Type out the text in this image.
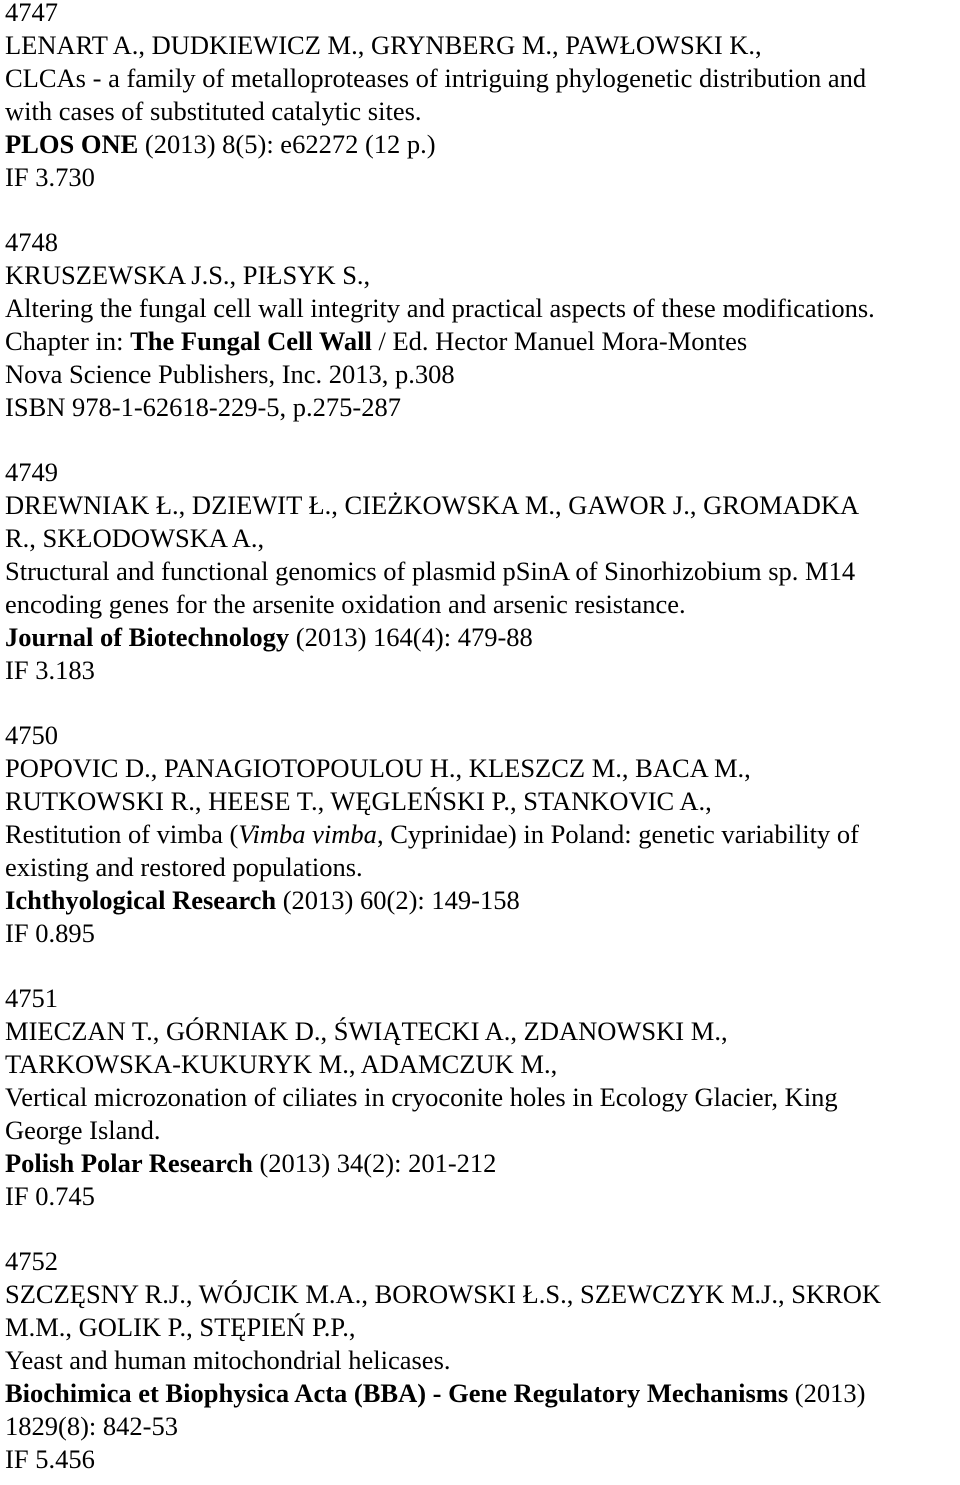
4747
LENART A., DUDKIEWICZ M., GRYNBERG M., PAWŁOWSKI K.,
CLCAs - a family of metalloproteases of intriguing phylogenetic distribution and
with cases of substituted catalytic sites.
PLOS ONE (2013) 8(5): e62272 (12 p.)
IF 3.730
4748
KRUSZEWSKA J.S., PIŁSYK S.,
Altering the fungal cell wall integrity and practical aspects of these modifications.
Chapter in: The Fungal Cell Wall / Ed. Hector Manuel Mora-Montes
Nova Science Publishers, Inc. 2013, p.308
ISBN 978-1-62618-229-5, p.275-287
4749
DREWNIAK Ł., DZIEWIT Ł., CIEŻKOWSKA M., GAWOR J., GROMADKA
R., SKŁODOWSKA A.,
Structural and functional genomics of plasmid pSinA of Sinorhizobium sp. M14
encoding genes for the arsenite oxidation and arsenic resistance.
Journal of Biotechnology (2013) 164(4): 479-88
IF 3.183
4750
POPOVIC D., PANAGIOTOPOULOU H., KLESZCZ M., BACA M.,
RUTKOWSKI R., HEESE T., WĘGLEŃSKI P., STANKOVIC A.,
Restitution of vimba (Vimba vimba, Cyprinidae) in Poland: genetic variability of
existing and restored populations.
Ichthyological Research (2013) 60(2): 149-158
IF 0.895
4751
MIECZAN T., GÓRNIAK D., ŚWIĄTECKI A., ZDANOWSKI M.,
TARKOWSKA-KUKURYK M., ADAMCZUK M.,
Vertical microzonation of ciliates in cryoconite holes in Ecology Glacier, King
George Island.
Polish Polar Research (2013) 34(2): 201-212
IF 0.745
4752
SZCZĘSNY R.J., WÓJCIK M.A., BOROWSKI Ł.S., SZEWCZYK M.J., SKROK
M.M., GOLIK P., STĘPIEŃ P.P.,
Yeast and human mitochondrial helicases.
Biochimica et Biophysica Acta (BBA) - Gene Regulatory Mechanisms (2013)
1829(8): 842-53
IF 5.456
